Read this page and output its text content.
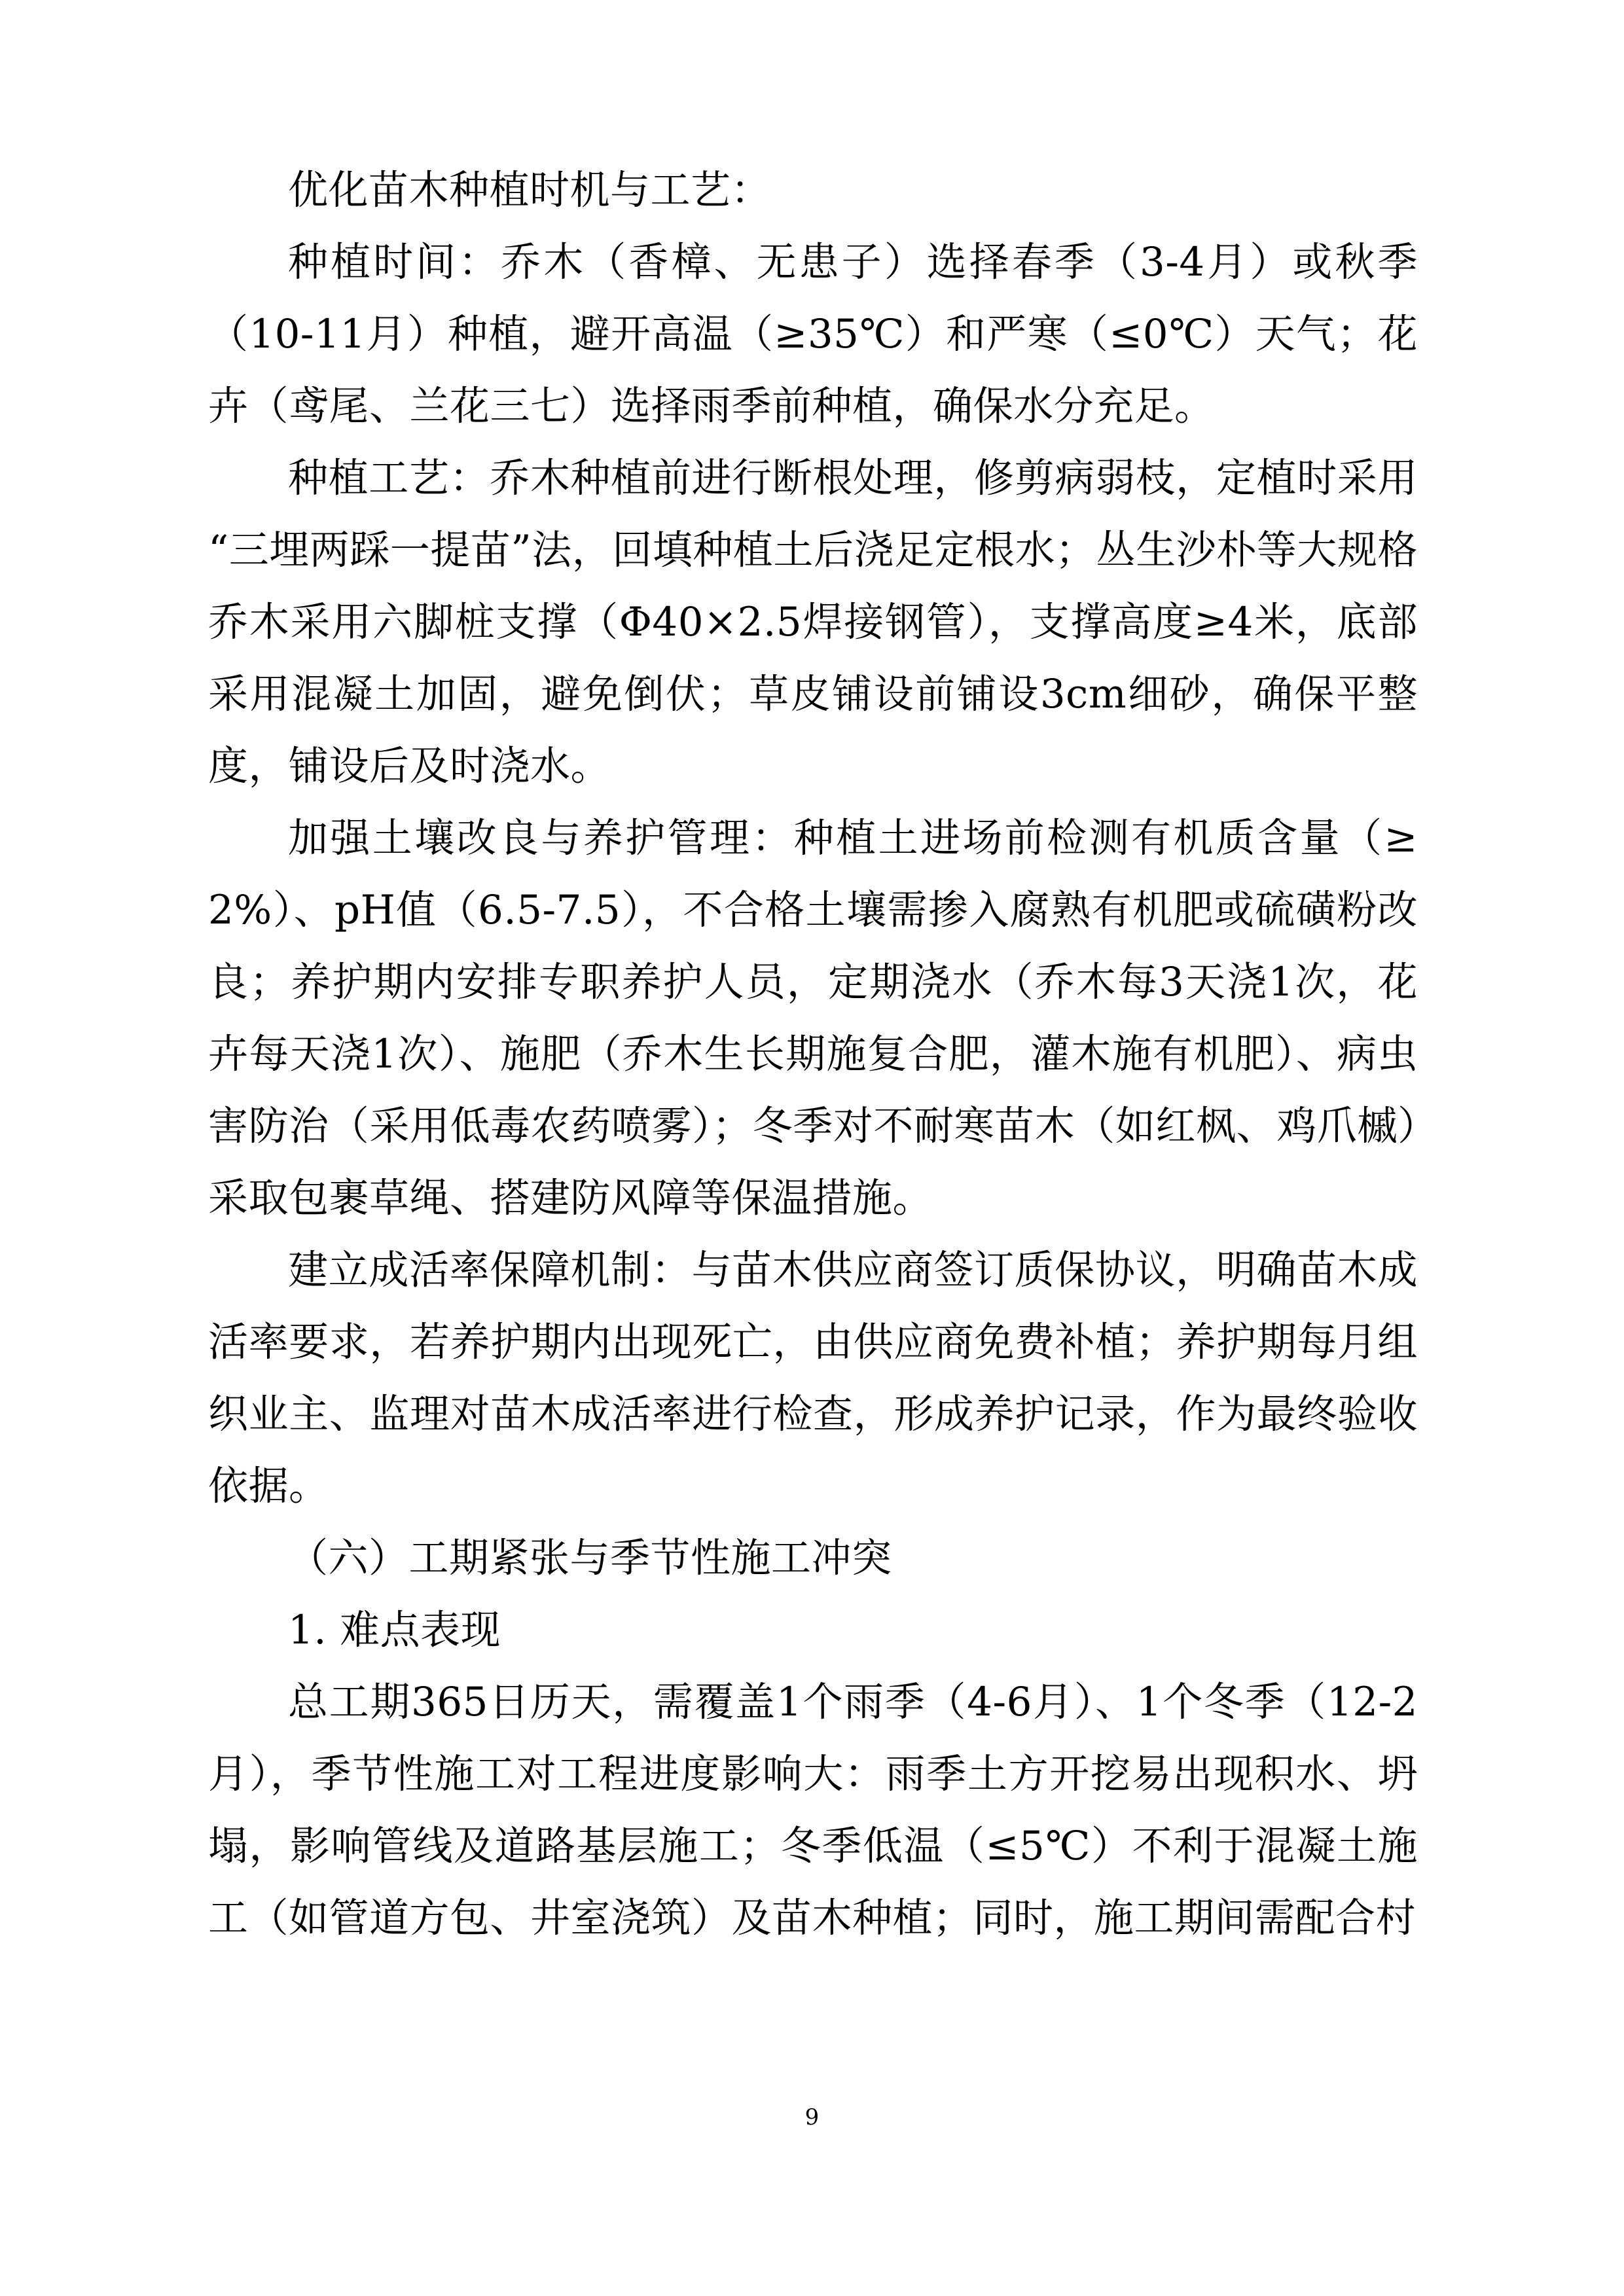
优化苗木种植时机与工艺：

种植时间：乔木（香樟、无患子）选择春季（3-4月）或秋季（10-11月）种植，避开高温（≥35℃）和严寒（≤0℃）天气；花卉（鸢尾、兰花三七）选择雨季前种植，确保水分充足。

种植工艺：乔木种植前进行断根处理，修剪病弱枝，定植时采用“三埋两踩一提苗”法，回填种植土后浇足定根水；丛生沙朴等大规格乔木采用六脚桩支撑（Φ40×2.5焊接钢管），支撑高度≥4米，底部采用混凝土加固，避免倒伏；草皮铺设前铺设3cm细砂，确保平整度，铺设后及时浇水。

加强土壤改良与养护管理：种植土进场前检测有机质含量（≥2%）、pH值（6.5-7.5），不合格土壤需掺入腐熟有机肥或硫磺粉改良；养护期内安排专职养护人员，定期浇水（乔木每3天浇1次，花卉每天浇1次）、施肥（乔木生长期施复合肥，灌木施有机肥）、病虫害防治（采用低毒农药喷雾）；冬季对不耐寒苗木（如红枫、鸡爪槭）采取包裹草绳、搭建防风障等保温措施。

建立成活率保障机制：与苗木供应商签订质保协议，明确苗木成活率要求，若养护期内出现死亡，由供应商免费补植；养护期每月组织业主、监理对苗木成活率进行检查，形成养护记录，作为最终验收依据。

（六）工期紧张与季节性施工冲突

1. 难点表现

总工期365日历天，需覆盖1个雨季（4-6月）、1个冬季（12-2月），季节性施工对工程进度影响大：雨季土方开挖易出现积水、坍塌，影响管线及道路基层施工；冬季低温（≤5℃）不利于混凝土施工（如管道方包、井室浇筑）及苗木种植；同时，施工期间需配合村

9
